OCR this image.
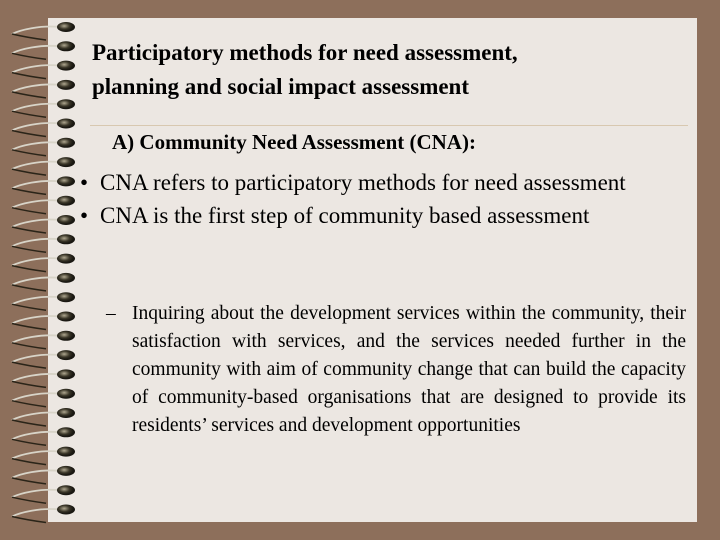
Participatory methods for need assessment,
planning and social impact assessment
A) Community Need Assessment (CNA):
• CNA refers to participatory methods for need assessment
• CNA is the first step of community based assessment
– Inquiring about the development services within the community, their satisfaction with services, and the services needed further in the community with aim of community change that can build the capacity of community-based organisations that are designed to provide its residents’ services and development opportunities
